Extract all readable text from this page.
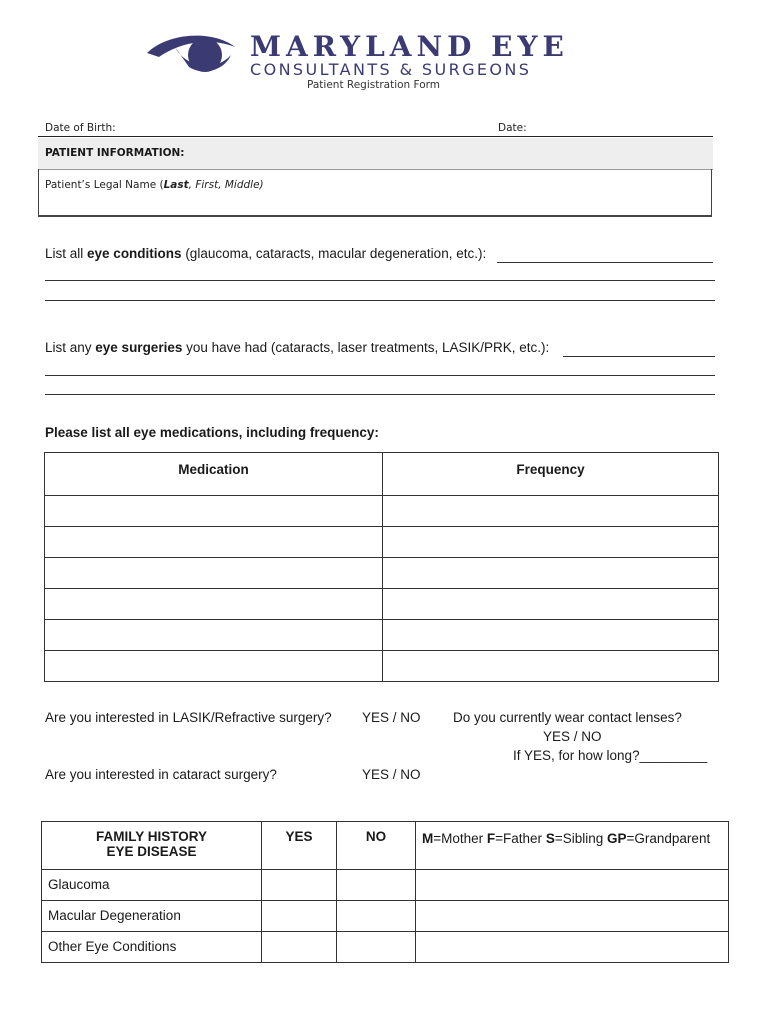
MARYLAND EYE
CONSULTANTS & SURGEONS
Patient Registration Form
Date of Birth:	Date:
PATIENT INFORMATION:
Patient’s Legal Name (Last, First, Middle)
List all eye conditions (glaucoma, cataracts, macular degeneration, etc.):
List any eye surgeries you have had (cataracts, laser treatments, LASIK/PRK, etc.):
Please list all eye medications, including frequency:
Medication	Frequency

Are you interested in LASIK/Refractive surgery? YES / NO Do you currently wear contact lenses?
YES / NO
If YES, for how long?_________
Are you interested in cataract surgery?	YES / NO
FAMILY HISTORY
EYE DISEASE	YES	NO	M=Mother F=Father S=Sibling GP=Grandparent
Glaucoma			
Macular Degeneration			
Other Eye Conditions			
